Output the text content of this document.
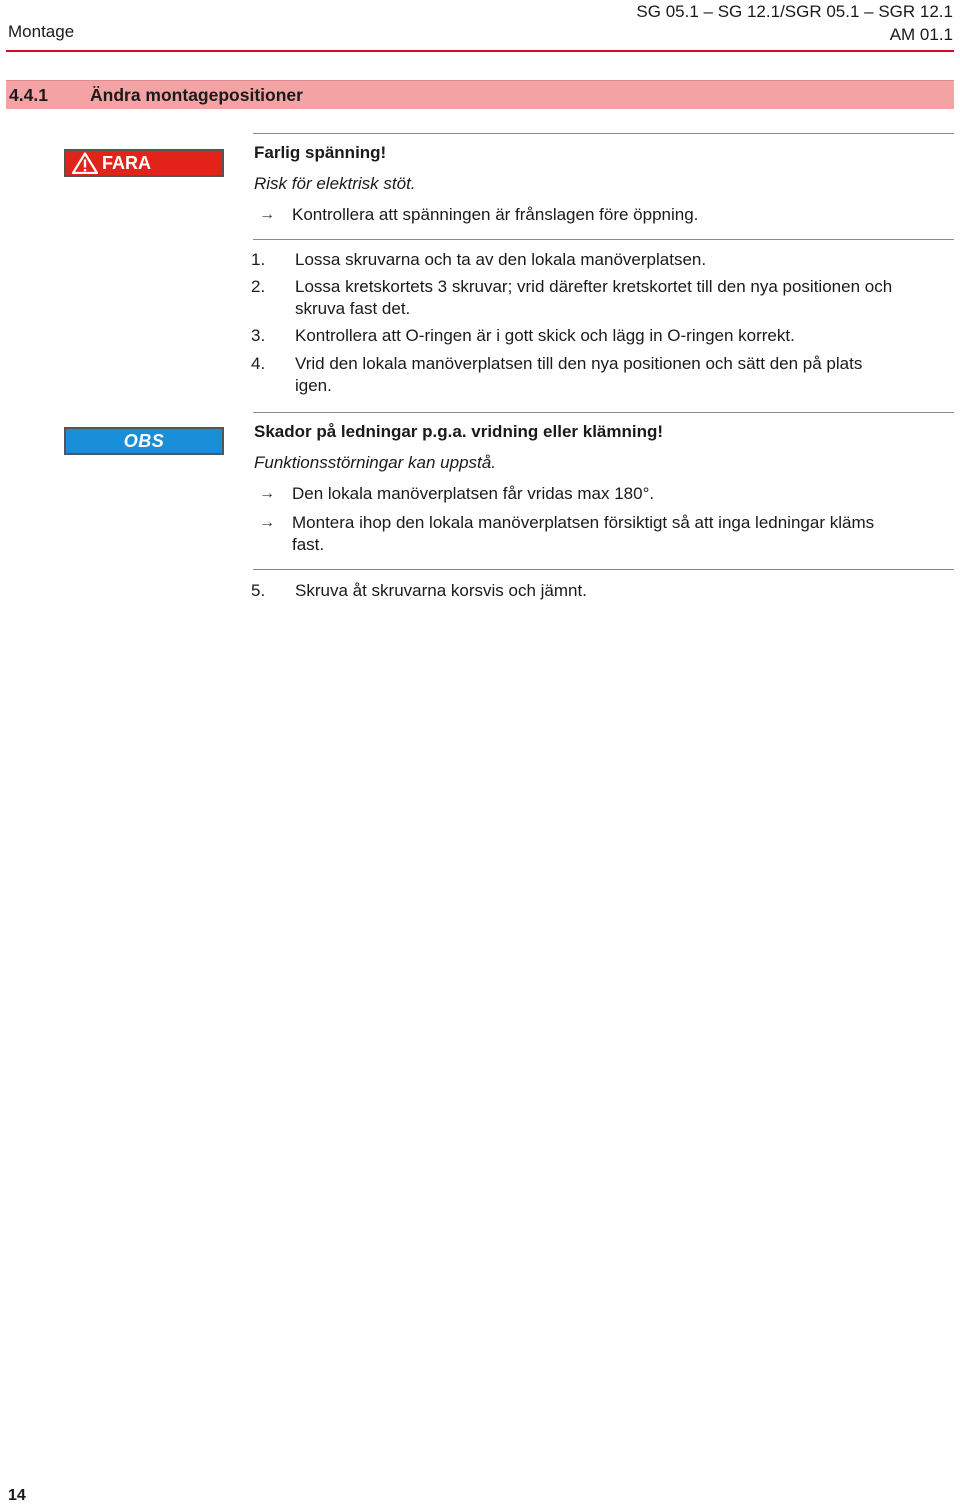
Montage
SG 05.1 – SG 12.1/SGR 05.1 – SGR 12.1
AM 01.1
4.4.1 Ändra montagepositioner
FARA
Farlig spänning!
Risk för elektrisk stöt.
→ Kontrollera att spänningen är frånslagen före öppning.
1. Lossa skruvarna och ta av den lokala manöverplatsen.
2. Lossa kretskortets 3 skruvar; vrid därefter kretskortet till den nya positionen och
skruva fast det.
3. Kontrollera att O-ringen är i gott skick och lägg in O-ringen korrekt.
4. Vrid den lokala manöverplatsen till den nya positionen och sätt den på plats
igen.
OBS	Skador på ledningar p.g.a. vridning eller klämning!
Funktionsstörningar kan uppstå.
→ Den lokala manöverplatsen får vridas max 180°.
→ Montera ihop den lokala manöverplatsen försiktigt så att inga ledningar kläms
fast.
5. Skruva åt skruvarna korsvis och jämnt.
14
